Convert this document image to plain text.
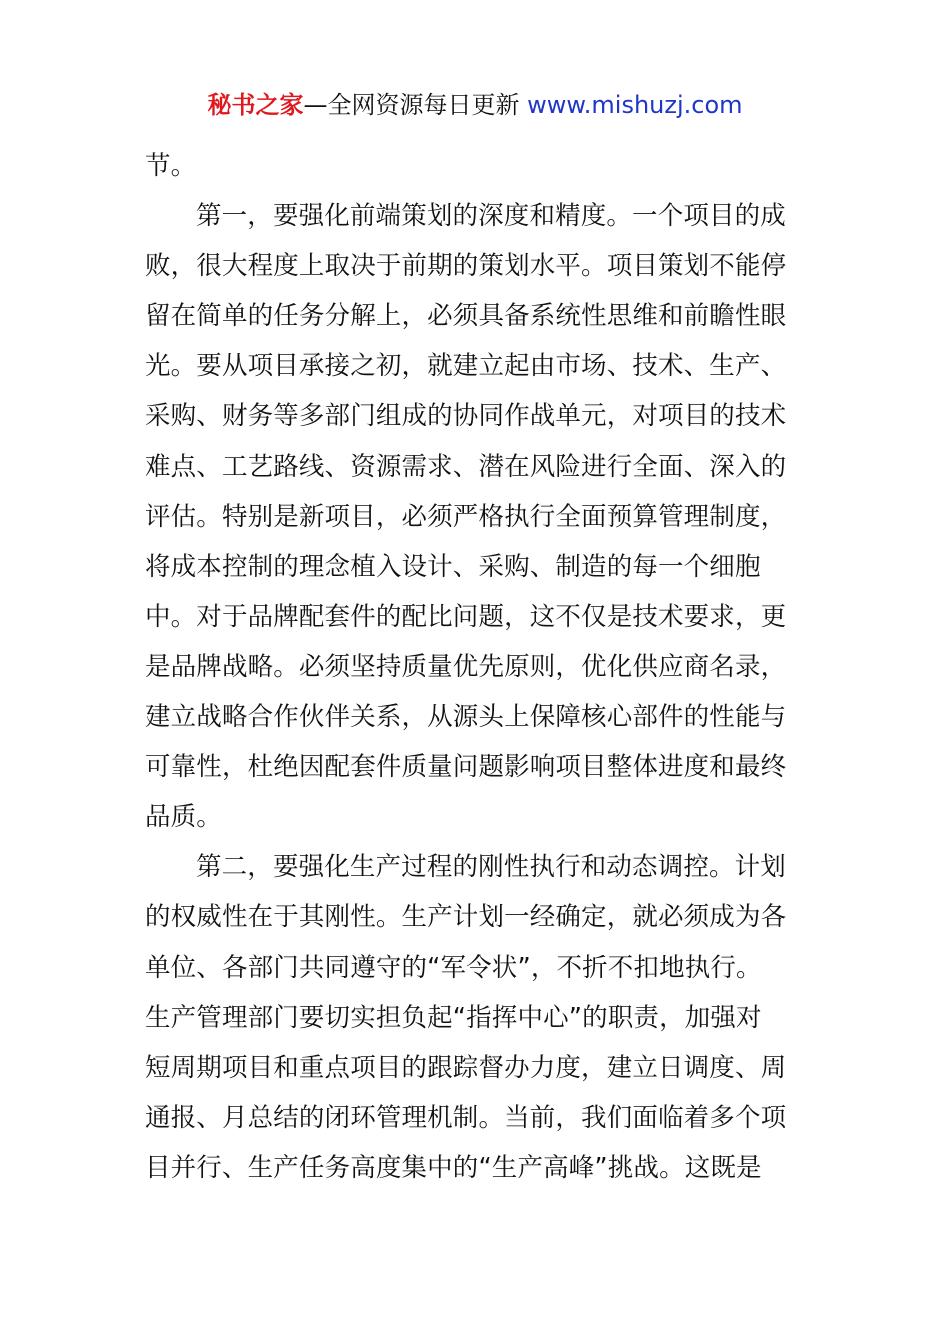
秘书之家—全网资源每日更新 www.mishuzj.com
节。
第一，要强化前端策划的深度和精度。一个项目的成
败，很大程度上取决于前期的策划水平。项目策划不能停
留在简单的任务分解上，必须具备系统性思维和前瞻性眼
光。要从项目承接之初，就建立起由市场、技术、生产、
采购、财务等多部门组成的协同作战单元，对项目的技术
难点、工艺路线、资源需求、潜在风险进行全面、深入的
评估。特别是新项目，必须严格执行全面预算管理制度，
将成本控制的理念植入设计、采购、制造的每一个细胞
中。对于品牌配套件的配比问题，这不仅是技术要求，更
是品牌战略。必须坚持质量优先原则，优化供应商名录，
建立战略合作伙伴关系，从源头上保障核心部件的性能与
可靠性，杜绝因配套件质量问题影响项目整体进度和最终
品质。
第二，要强化生产过程的刚性执行和动态调控。计划
的权威性在于其刚性。生产计划一经确定，就必须成为各
单位、各部门共同遵守的“军令状”，不折不扣地执行。
生产管理部门要切实担负起“指挥中心”的职责，加强对
短周期项目和重点项目的跟踪督办力度，建立日调度、周
通报、月总结的闭环管理机制。当前，我们面临着多个项
目并行、生产任务高度集中的“生产高峰”挑战。这既是
